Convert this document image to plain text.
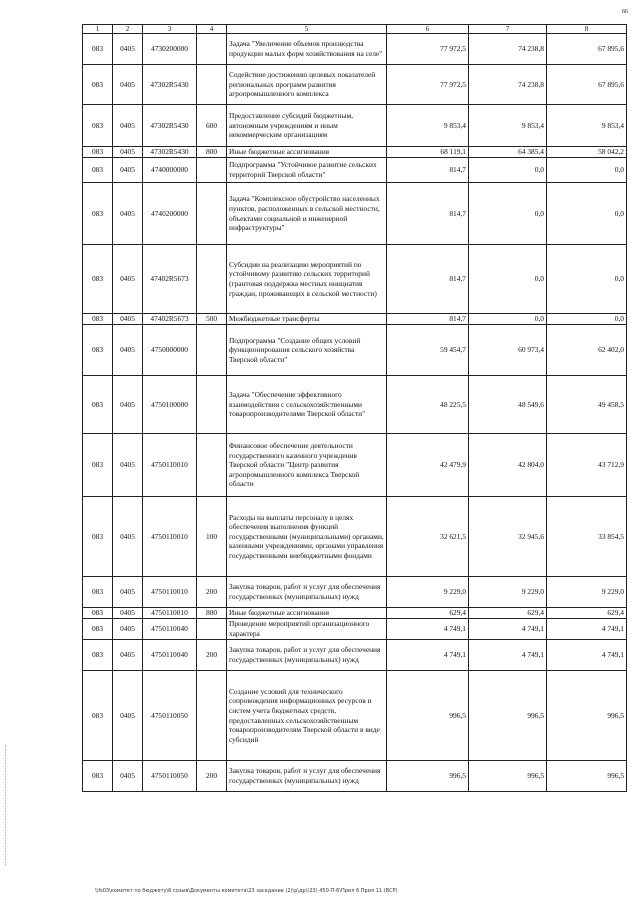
66
1	2	3	4	5	6	7	8
083	0405	4730200000		Задача "Увеличение объемов производства продукции малых форм хозяйствования на селе"	77 972,5	74 238,8	67 895,6
083	0405	47302R5430		Содействие достижению целевых показателей региональных программ развития агропромышленного комплекса	77 972,5	74 238,8	67 895,6
083	0405	47302R5430	600	Предоставление субсидий бюджетным, автономным учреждениям и иным некоммерческим организациям	9 853,4	9 853,4	9 853,4
083	0405	47302R5430	800	Иные бюджетные ассигнования	68 119,1	64 385,4	58 042,2
083	0405	4740000000		Подпрограмма "Устойчивое развитие сельских территорий Тверской области"	814,7	0,0	0,0
083	0405	4740200000		Задача "Комплексное обустройство населенных пунктов, расположенных в сельской местности, объектами социальной и инженерной инфраструктуры"	814,7	0,0	0,0
083	0405	47402R5673		Субсидии на реализацию мероприятий по устойчивому развитию сельских территорий (грантовая поддержка местных инициатив граждан, проживающих в сельской местности)	814,7	0,0	0,0
083	0405	47402R5673	500	Межбюджетные трансферты	814,7	0,0	0,0
083	0405	4750000000		Подпрограмма "Создание общих условий функционирования сельского хозяйства Тверской области"	59 454,7	60 973,4	62 402,0
083	0405	4750100000		Задача "Обеспечение эффективного взаимодействия с сельскохозяйственными товаропроизводителями Тверской области"	48 225,5	48 549,6	49 458,5
083	0405	4750110010		Финансовое обеспечение деятельности государственного казенного учреждения Тверской области "Центр развития агропромышленного комплекса Тверской области	42 479,9	42 804,0	43 712,9
083	0405	4750110010	100	Расходы на выплаты персоналу в целях обеспечения выполнения функций государственными (муниципальными) органами, казенными учреждениями, органами управления государственными внебюджетными фондами	32 621,5	32 945,6	33 854,5
083	0405	4750110010	200	Закупка товаров, работ и услуг для обеспечения государственных (муниципальных) нужд	9 229,0	9 229,0	9 229,0
083	0405	4750110010	800	Иные бюджетные ассигнования	629,4	629,4	629,4
083	0405	4750110040		Проведение мероприятий организационного характера	4 749,1	4 749,1	4 749,1
083	0405	4750110040	200	Закупка товаров, работ и услуг для обеспечения государственных (муниципальных) нужд	4 749,1	4 749,1	4 749,1
083	0405	4750110050		Создание условий для технического сопровождения информационных ресурсов и систем учета бюджетных средств, предоставленных сельскохозяйственным товаропроизводителям Тверской области в виде субсидий	996,5	996,5	996,5
083	0405	4750110050	200	Закупка товаров, работ и услуг для обеспечения государственных (муниципальных) нужд	996,5	996,5	996,5
\\fs03\комитет по бюджету\6 созыв\Документы комитета\23 заседание (2)\р\др\(23) 450-П-6\Прил 6 Прил 11 (ВСР)
